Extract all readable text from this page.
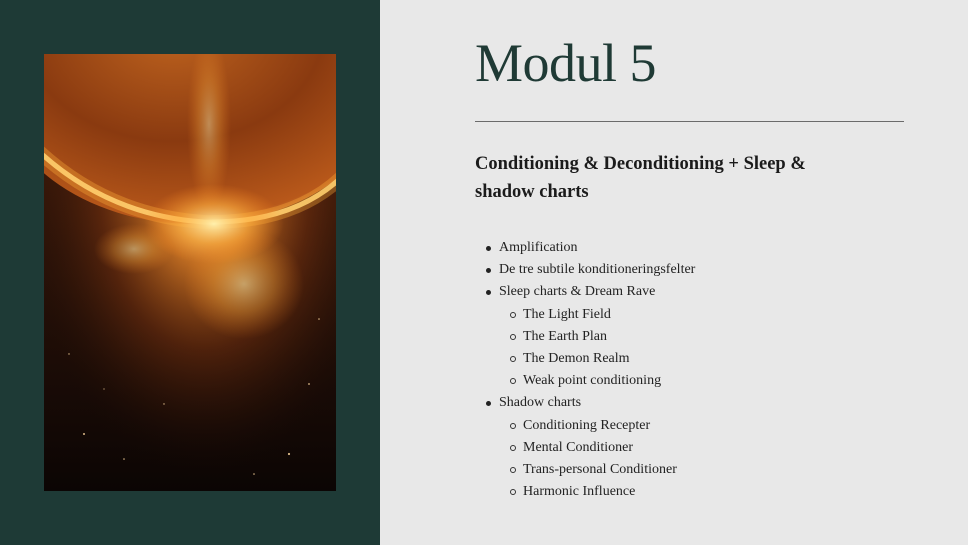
Modul 5
Conditioning & Deconditioning + Sleep & shadow charts
Amplification
De tre subtile konditioneringsfelter
Sleep charts & Dream Rave
The Light Field
The Earth Plan
The Demon Realm
Weak point conditioning
Shadow charts
Conditioning Recepter
Mental Conditioner
Trans-personal Conditioner
Harmonic Influence
